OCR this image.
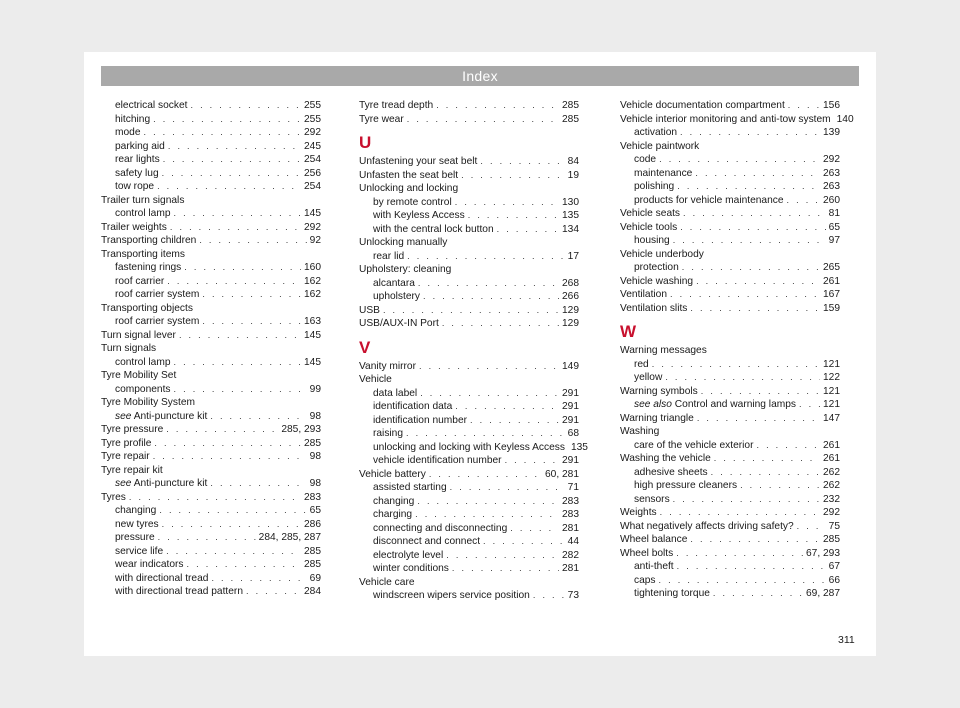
Index
electrical socket . . .	255
hitching . . .	255
mode . . .	292
parking aid . . .	245
rear lights . . .	254
safety lug . . .	256
tow rope . . .	254
Trailer turn signals
control lamp . . .	145
Trailer weights . . .	292
Transporting children . . .	92
Transporting items
fastening rings . . .	160
roof carrier . . .	162
roof carrier system . . .	162
Transporting objects
roof carrier system . . .	163
Turn signal lever . . .	145
Turn signals
control lamp . . .	145
Tyre Mobility Set
components . . .	99
Tyre Mobility System
see Anti-puncture kit . . .	98
Tyre pressure . . .	285, 293
Tyre profile . . .	285
Tyre repair . . .	98
Tyre repair kit
see Anti-puncture kit . . .	98
Tyres . . .	283
changing . . .	65
new tyres . . .	286
pressure . . .	284, 285, 287
service life . . .	285
wear indicators . . .	285
with directional tread . . .	69
with directional tread pattern . . .	284
Tyre tread depth . . .	285
Tyre wear . . .	285
U
Unfastening your seat belt . . .	84
Unfasten the seat belt . . .	19
Unlocking and locking
by remote control . . .	130
with Keyless Access . . .	135
with the central lock button . . .	134
Unlocking manually
rear lid . . .	17
Upholstery: cleaning
alcantara . . .	268
upholstery . . .	266
USB . . .	129
USB/AUX-IN Port . . .	129
V
Vanity mirror . . .	149
Vehicle
data label . . .	291
identification data . . .	291
identification number . . .	291
raising . . .	68
unlocking and locking with Keyless Access 135
vehicle identification number . . .	291
Vehicle battery . . .	60, 281
assisted starting . . .	71
changing . . .	283
charging . . .	283
connecting and disconnecting . . .	281
disconnect and connect . . .	44
electrolyte level . . .	282
winter conditions . . .	281
Vehicle care
windscreen wipers service position . . .	73
Vehicle documentation compartment . . .	156
Vehicle interior monitoring and anti-tow system 140
activation . . .	139
Vehicle paintwork
code . . .	292
maintenance . . .	263
polishing . . .	263
products for vehicle maintenance . . .	260
Vehicle seats . . .	81
Vehicle tools . . .	65
housing . . .	97
Vehicle underbody
protection . . .	265
Vehicle washing . . .	261
Ventilation . . .	167
Ventilation slits . . .	159
W
Warning messages
red . . .	121
yellow . . .	122
Warning symbols . . .	121
see also Control and warning lamps . . .	121
Warning triangle . . .	147
Washing
care of the vehicle exterior . . .	261
Washing the vehicle . . .	261
adhesive sheets . . .	262
high pressure cleaners . . .	262
sensors . . .	232
Weights . . .	292
What negatively affects driving safety? . . .	75
Wheel balance . . .	285
Wheel bolts . . .	67, 293
anti-theft . . .	67
caps . . .	66
tightening torque . . .	69, 287
311
